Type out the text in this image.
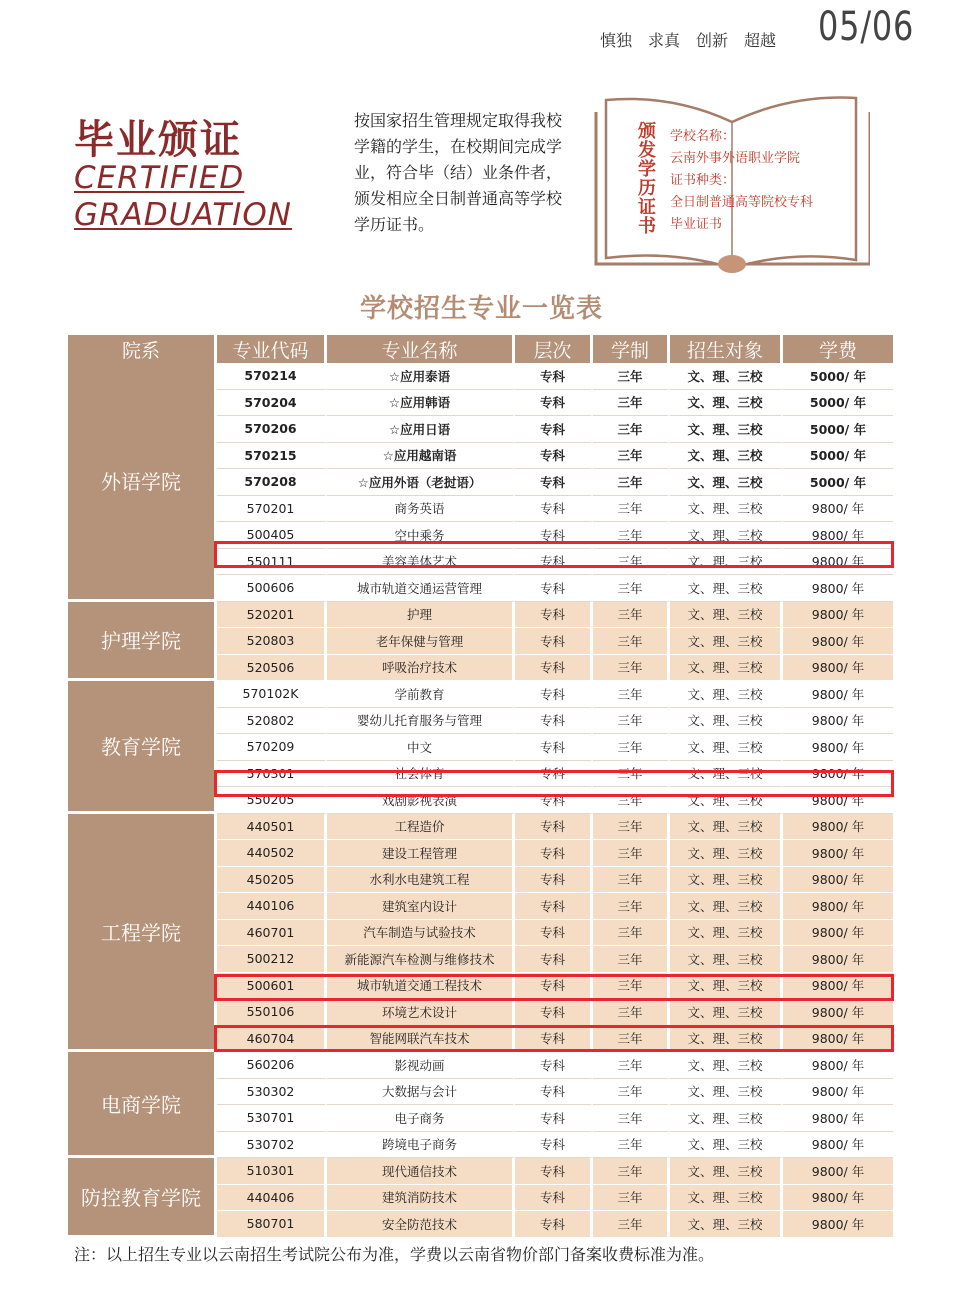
慎独 求真 创新 超越 05/06
毕业颁证
CERTIFIED
GRADUATION
按国家招生管理规定取得我校学籍的学生，在校期间完成学业，符合毕（结）业条件者，颁发相应全日制普通高等学校学历证书。
颁
发
学
历
证
书
学校名称：
云南外事外语职业学院
证书种类：
全日制普通高等院校专科
毕业证书
学校招生专业一览表
院系	专业代码	专业名称	层次	学制	招生对象	学费
外语学院	570214	☆应用泰语	专科	三年	文、理、三校	5000/ 年
	570204	☆应用韩语	专科	三年	文、理、三校	5000/ 年
	570206	☆应用日语	专科	三年	文、理、三校	5000/ 年
	570215	☆应用越南语	专科	三年	文、理、三校	5000/ 年
	570208	☆应用外语（老挝语）	专科	三年	文、理、三校	5000/ 年
	570201	商务英语	专科	三年	文、理、三校	9800/ 年
	500405	空中乘务	专科	三年	文、理、三校	9800/ 年
	550111	美容美体艺术	专科	三年	文、理、三校	9800/ 年
	500606	城市轨道交通运营管理	专科	三年	文、理、三校	9800/ 年
护理学院	520201	护理	专科	三年	文、理、三校	9800/ 年
	520803	老年保健与管理	专科	三年	文、理、三校	9800/ 年
	520506	呼吸治疗技术	专科	三年	文、理、三校	9800/ 年
教育学院	570102K	学前教育	专科	三年	文、理、三校	9800/ 年
	520802	婴幼儿托育服务与管理	专科	三年	文、理、三校	9800/ 年
	570209	中文	专科	三年	文、理、三校	9800/ 年
	570301	社会体育	专科	三年	文、理、三校	9800/ 年
	550205	戏剧影视表演	专科	三年	文、理、三校	9800/ 年
工程学院	440501	工程造价	专科	三年	文、理、三校	9800/ 年
	440502	建设工程管理	专科	三年	文、理、三校	9800/ 年
	450205	水利水电建筑工程	专科	三年	文、理、三校	9800/ 年
	440106	建筑室内设计	专科	三年	文、理、三校	9800/ 年
	460701	汽车制造与试验技术	专科	三年	文、理、三校	9800/ 年
	500212	新能源汽车检测与维修技术	专科	三年	文、理、三校	9800/ 年
	500601	城市轨道交通工程技术	专科	三年	文、理、三校	9800/ 年
	550106	环境艺术设计	专科	三年	文、理、三校	9800/ 年
	460704	智能网联汽车技术	专科	三年	文、理、三校	9800/ 年
电商学院	560206	影视动画	专科	三年	文、理、三校	9800/ 年
	530302	大数据与会计	专科	三年	文、理、三校	9800/ 年
	530701	电子商务	专科	三年	文、理、三校	9800/ 年
	530702	跨境电子商务	专科	三年	文、理、三校	9800/ 年
防控教育学院	510301	现代通信技术	专科	三年	文、理、三校	9800/ 年
	440406	建筑消防技术	专科	三年	文、理、三校	9800/ 年
	580701	安全防范技术	专科	三年	文、理、三校	9800/ 年
注：以上招生专业以云南招生考试院公布为准，学费以云南省物价部门备案收费标准为准。
